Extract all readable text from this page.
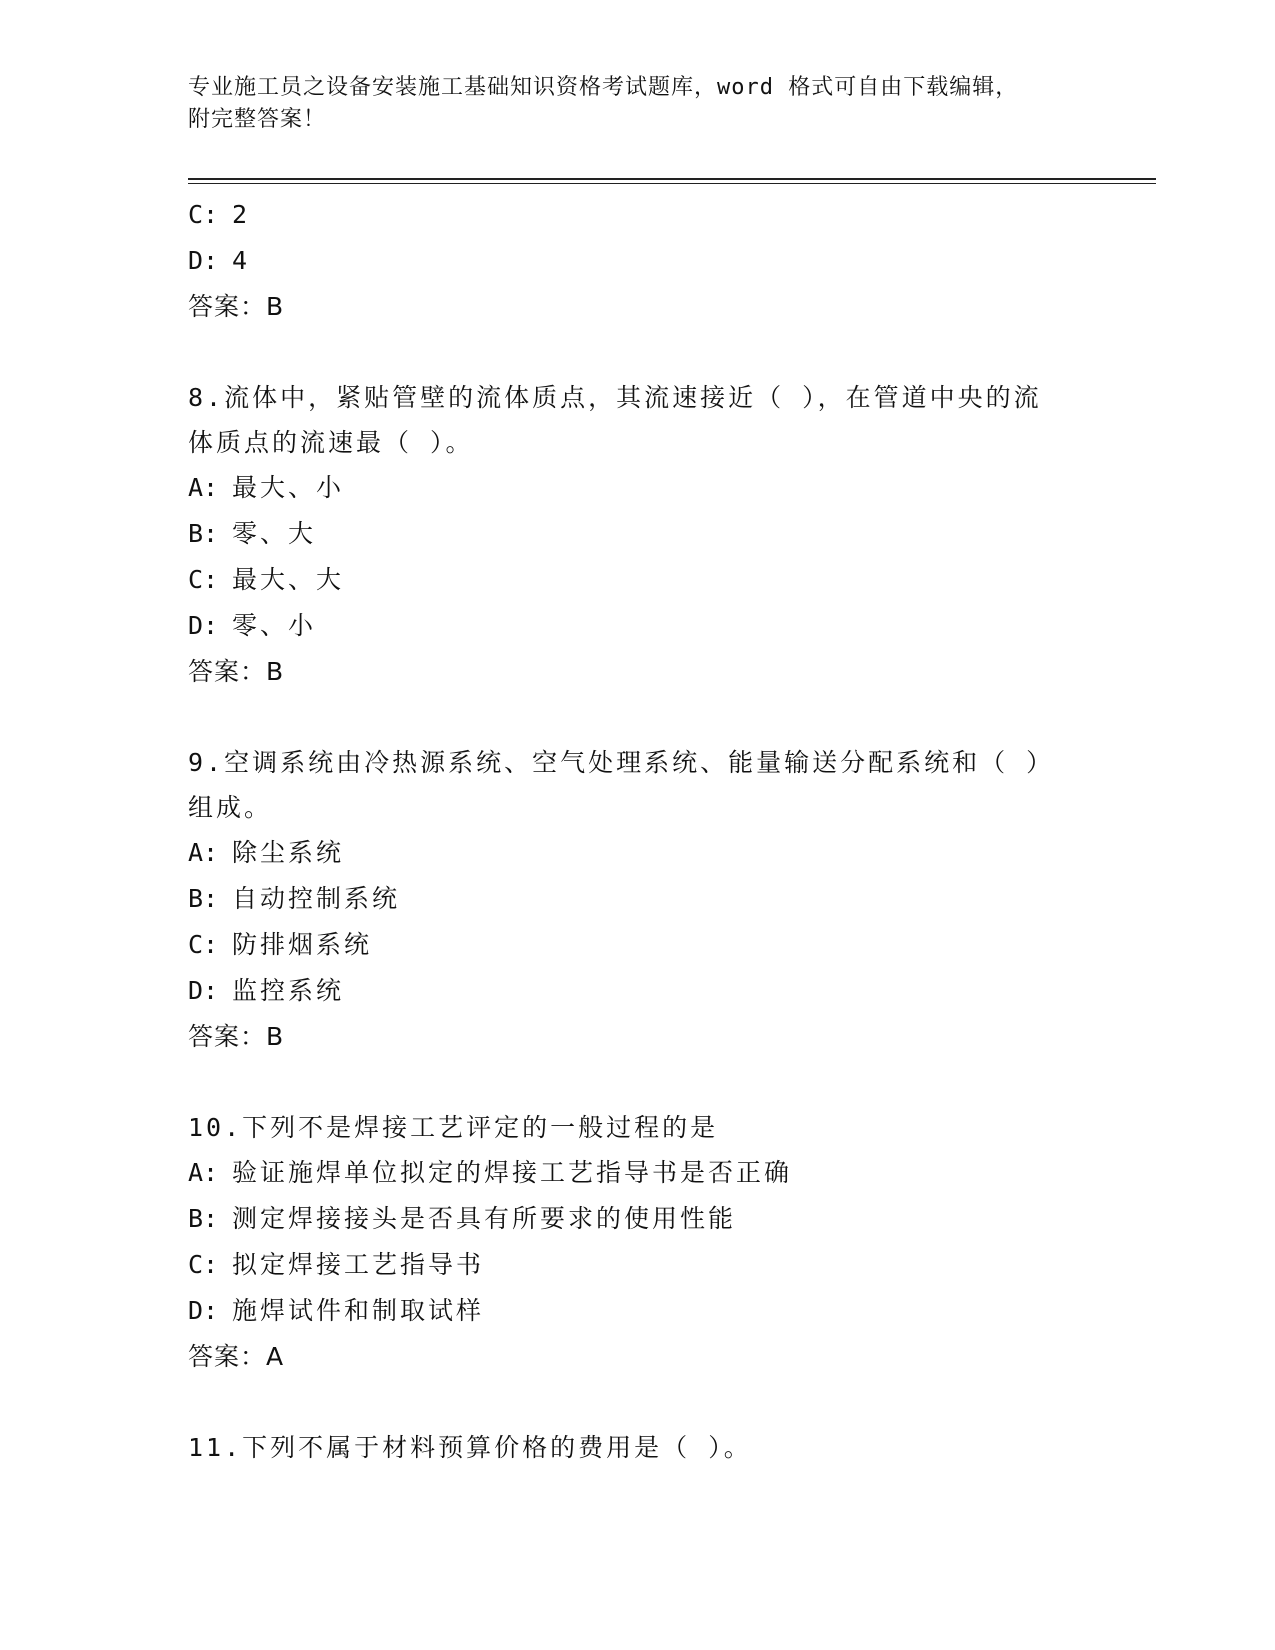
专业施工员之设备安装施工基础知识资格考试题库，word 格式可自由下载编辑，
附完整答案！
C: 2
D: 4
答案：B
8.流体中，紧贴管壁的流体质点，其流速接近（ ），在管道中央的流
体质点的流速最（ ）。
A: 最大、小
B: 零、大
C: 最大、大
D: 零、小
答案：B
9.空调系统由冷热源系统、空气处理系统、能量输送分配系统和（ ）
组成。
A: 除尘系统
B: 自动控制系统
C: 防排烟系统
D: 监控系统
答案：B
10.下列不是焊接工艺评定的一般过程的是
A: 验证施焊单位拟定的焊接工艺指导书是否正确
B: 测定焊接接头是否具有所要求的使用性能
C: 拟定焊接工艺指导书
D: 施焊试件和制取试样
答案：A
11.下列不属于材料预算价格的费用是（ ）。
